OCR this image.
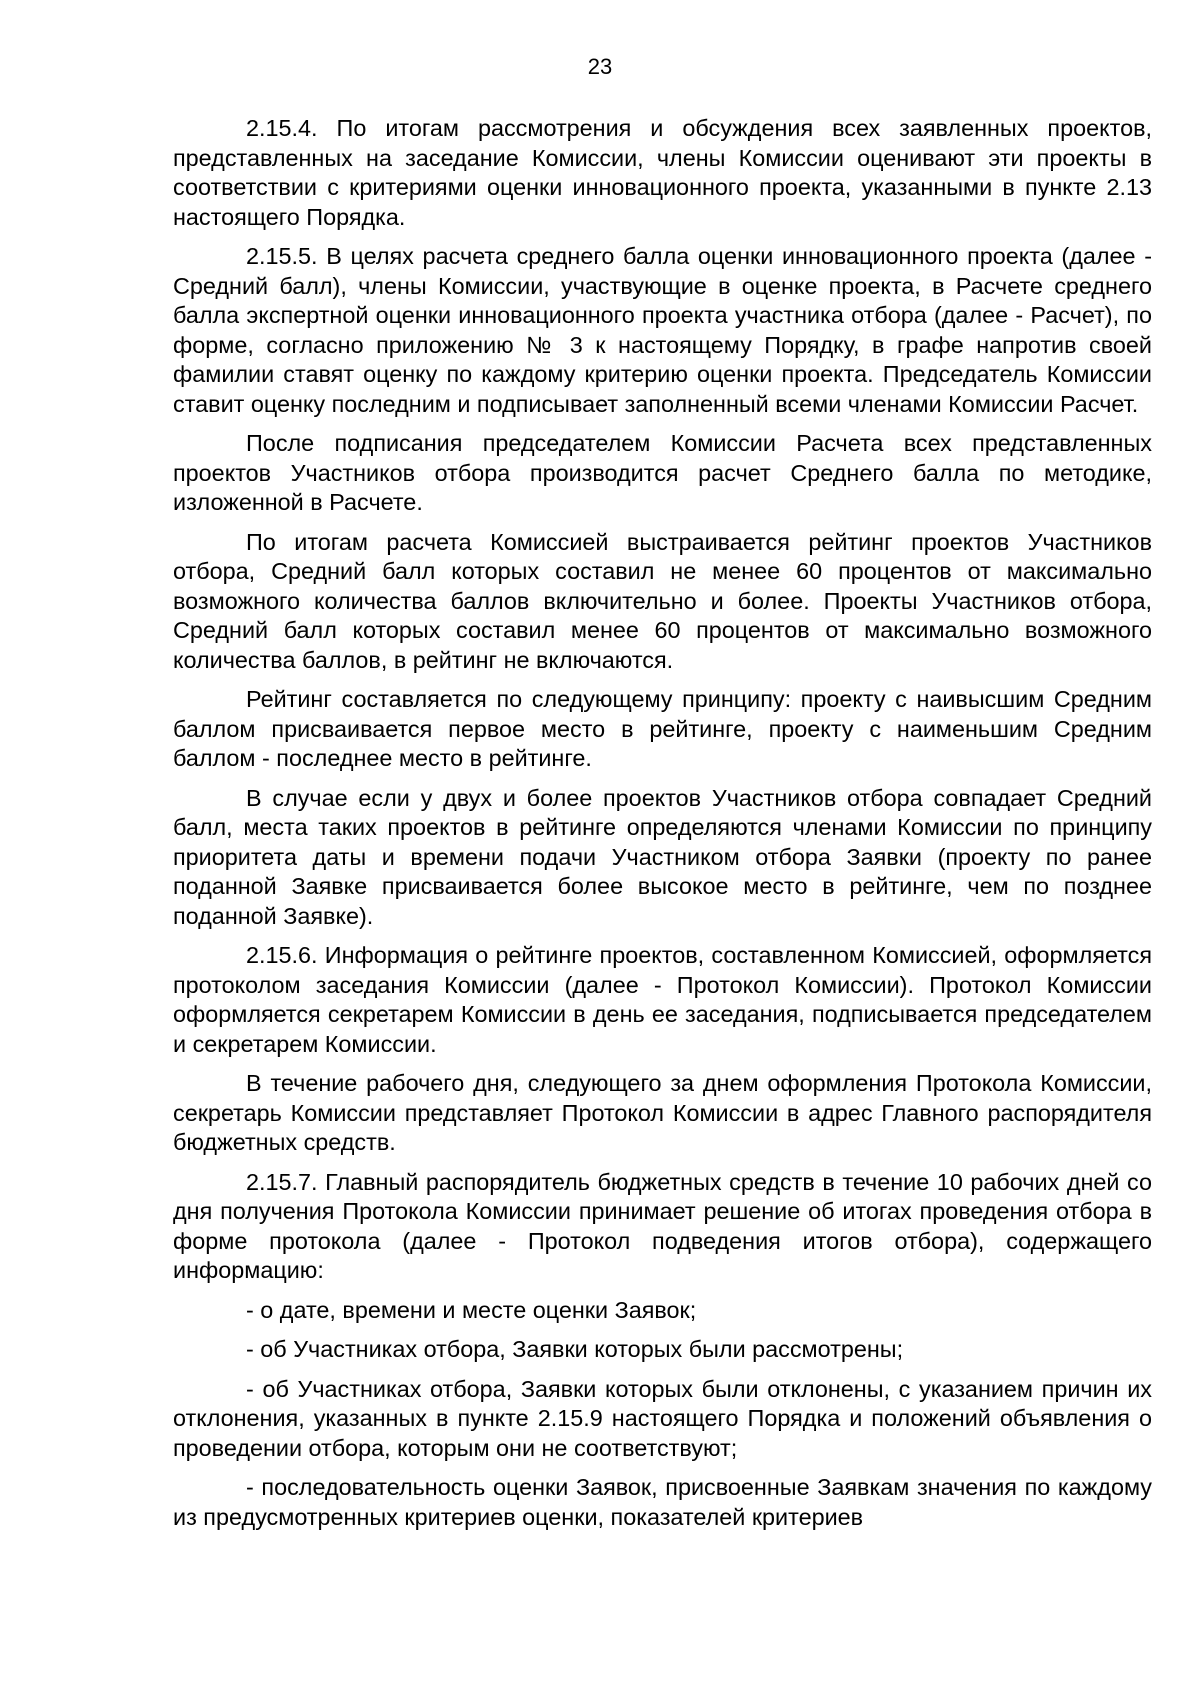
23

2.15.4. По итогам рассмотрения и обсуждения всех заявленных проектов, представленных на заседание Комиссии, члены Комиссии оценивают эти проекты в соответствии с критериями оценки инновационного проекта, указанными в пункте 2.13 настоящего Порядка.

2.15.5. В целях расчета среднего балла оценки инновационного проекта (далее - Средний балл), члены Комиссии, участвующие в оценке проекта, в Расчете среднего балла экспертной оценки инновационного проекта участника отбора (далее - Расчет), по форме, согласно приложению № 3 к настоящему Порядку, в графе напротив своей фамилии ставят оценку по каждому критерию оценки проекта. Председатель Комиссии ставит оценку последним и подписывает заполненный всеми членами Комиссии Расчет.

После подписания председателем Комиссии Расчета всех представленных проектов Участников отбора производится расчет Среднего балла по методике, изложенной в Расчете.

По итогам расчета Комиссией выстраивается рейтинг проектов Участников отбора, Средний балл которых составил не менее 60 процентов от максимально возможного количества баллов включительно и более. Проекты Участников отбора, Средний балл которых составил менее 60 процентов от максимально возможного количества баллов, в рейтинг не включаются.

Рейтинг составляется по следующему принципу: проекту с наивысшим Средним баллом присваивается первое место в рейтинге, проекту с наименьшим Средним баллом - последнее место в рейтинге.

В случае если у двух и более проектов Участников отбора совпадает Средний балл, места таких проектов в рейтинге определяются членами Комиссии по принципу приоритета даты и времени подачи Участником отбора Заявки (проекту по ранее поданной Заявке присваивается более высокое место в рейтинге, чем по позднее поданной Заявке).

2.15.6. Информация о рейтинге проектов, составленном Комиссией, оформляется протоколом заседания Комиссии (далее - Протокол Комиссии). Протокол Комиссии оформляется секретарем Комиссии в день ее заседания, подписывается председателем и секретарем Комиссии.

В течение рабочего дня, следующего за днем оформления Протокола Комиссии, секретарь Комиссии представляет Протокол Комиссии в адрес Главного распорядителя бюджетных средств.

2.15.7. Главный распорядитель бюджетных средств в течение 10 рабочих дней со дня получения Протокола Комиссии принимает решение об итогах проведения отбора в форме протокола (далее - Протокол подведения итогов отбора), содержащего информацию:

- о дате, времени и месте оценки Заявок;

- об Участниках отбора, Заявки которых были рассмотрены;

- об Участниках отбора, Заявки которых были отклонены, с указанием причин их отклонения, указанных в пункте 2.15.9 настоящего Порядка и положений объявления о проведении отбора, которым они не соответствуют;

- последовательность оценки Заявок, присвоенные Заявкам значения по каждому из предусмотренных критериев оценки, показателей критериев
